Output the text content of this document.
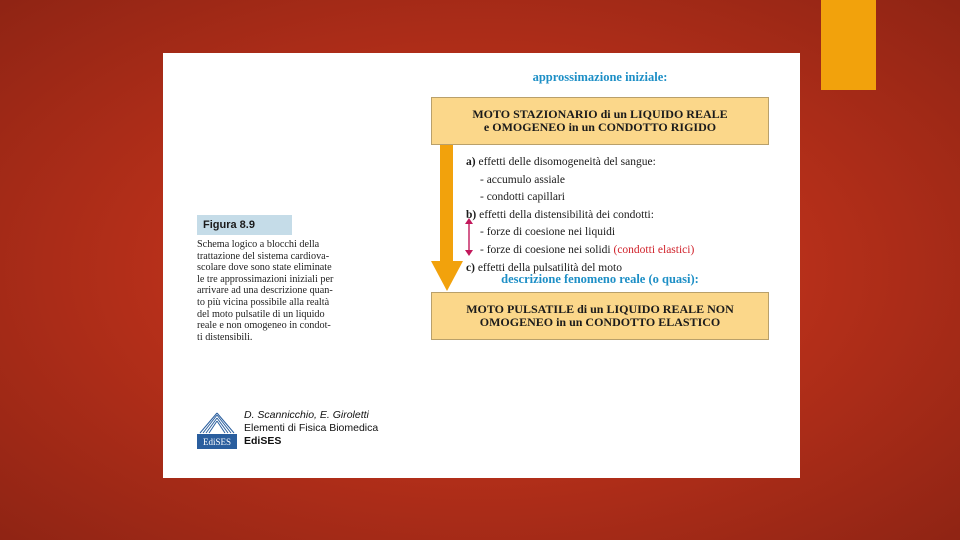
Figura 8.9
Schema logico a blocchi della
trattazione del sistema cardiova-
scolare dove sono state eliminate
le tre approssimazioni iniziali per
arrivare ad una descrizione quan-
to più vicina possibile alla realtà
del moto pulsatile di un liquido
reale e non omogeneo in condot-
ti distensibili.
EdiSES
D. Scannicchio, E. Giroletti
Elementi di Fisica Biomedica
EdiSES
approssimazione iniziale:
MOTO STAZIONARIO di un LIQUIDO REALE
e OMOGENEO in un CONDOTTO RIGIDO
a) effetti delle disomogeneità del sangue:
- accumulo assiale
- condotti capillari
b) effetti della distensibilità dei condotti:
- forze di coesione nei liquidi
- forze di coesione nei solidi (condotti elastici)
c) effetti della pulsatilità del moto
descrizione fenomeno reale (o quasi):
MOTO PULSATILE di un LIQUIDO REALE NON
OMOGENEO in un CONDOTTO ELASTICO
